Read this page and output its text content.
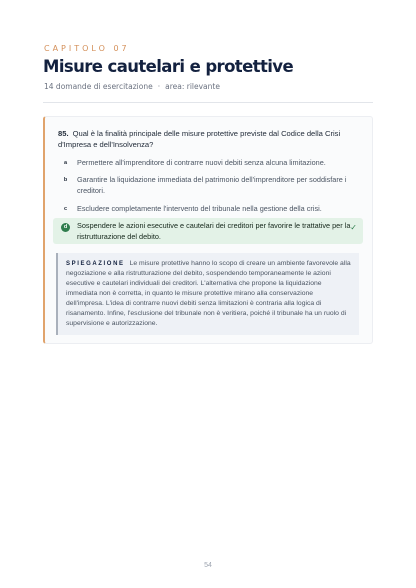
CAPITOLO 07
Misure cautelari e protettive
14 domande di esercitazione · area: rilevante
85. Qual è la finalità principale delle misure protettive previste dal Codice della Crisi d'Impresa e dell'Insolvenza?
a	Permettere all'imprenditore di contrarre nuovi debiti senza alcuna limitazione.
b	Garantire la liquidazione immediata del patrimonio dell'imprenditore per soddisfare i creditori.
c	Escludere completamente l'intervento del tribunale nella gestione della crisi.
d	Sospendere le azioni esecutive e cautelari dei creditori per favorire le trattative per la ristrutturazione del debito.
✓
SPIEGAZIONE Le misure protettive hanno lo scopo di creare un ambiente favorevole alla negoziazione e alla ristrutturazione del debito, sospendendo temporaneamente le azioni esecutive e cautelari individuali dei creditori. L'alternativa che propone la liquidazione immediata non è corretta, in quanto le misure protettive mirano alla conservazione dell'impresa. L'idea di contrarre nuovi debiti senza limitazioni è contraria alla logica di risanamento. Infine, l'esclusione del tribunale non è veritiera, poiché il tribunale ha un ruolo di supervisione e autorizzazione.
54
